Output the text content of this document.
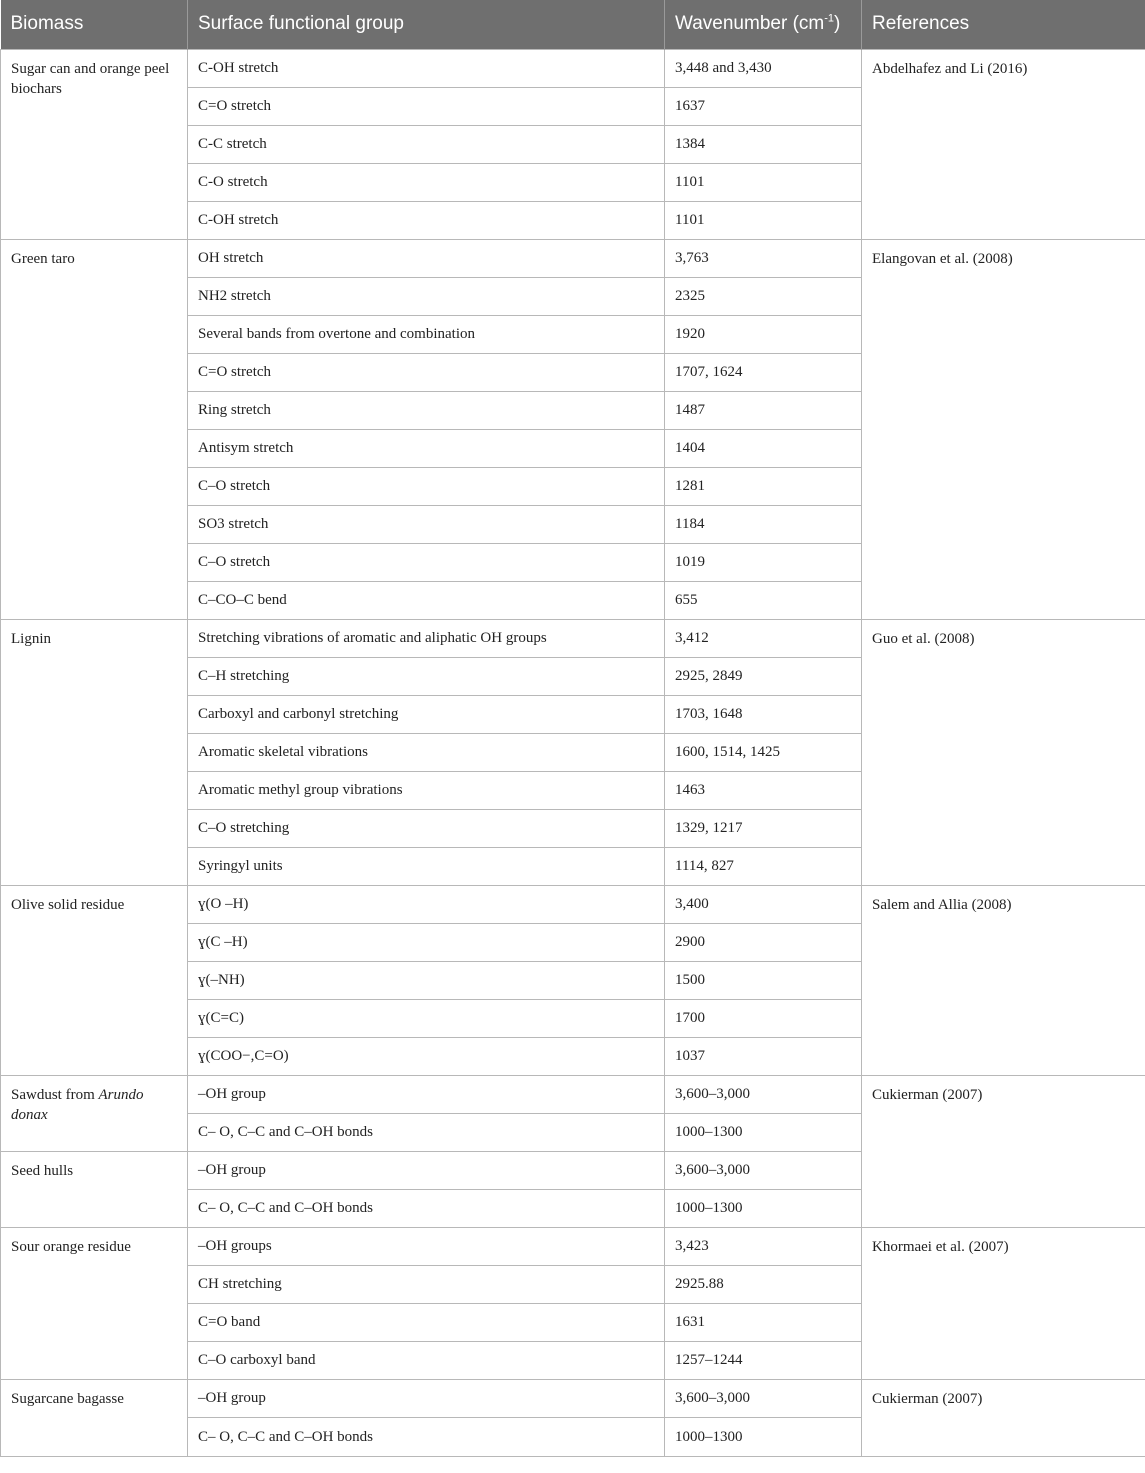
Biomass	Surface functional group	Wavenumber $(cm^{-1})$	References
Sugar can and orange peel biochars	C-OH stretch	3,448 and 3,430	Abdelhafez and Li (2016)
	C=O stretch	1637	
	C-C stretch	1384	
	C-O stretch	1101	
	C-OH stretch	1101	
Green taro	OH stretch	3,763	Elangovan et al. (2008)
	NH2 stretch	2325	
	Several bands from overtone and combination	1920	
	C=O stretch	1707, 1624	
	Ring stretch	1487	
	Antisym stretch	1404	
	C–O stretch	1281	
	SO3 stretch	1184	
	C–O stretch	1019	
	C–CO–C bend	655	
Lignin	Stretching vibrations of aromatic and aliphatic OH groups	3,412	Guo et al. (2008)
	C–H stretching	2925, 2849	
	Carboxyl and carbonyl stretching	1703, 1648	
	Aromatic skeletal vibrations	1600, 1514, 1425	
	Aromatic methyl group vibrations	1463	
	C–O stretching	1329, 1217	
	Syringyl units	1114, 827	
Olive solid residue	ɣ(O –H)	3,400	Salem and Allia (2008)
	ɣ(C –H)	2900	
	ɣ(–NH)	1500	
	ɣ(C=C)	1700	
	ɣ(COO−,C=O)	1037	
Sawdust from Arundo donax	–OH group	3,600–3,000	Cukierman (2007)
	C– O, C–C and C–OH bonds	1000–1300	
Seed hulls	–OH group	3,600–3,000	
	C– O, C–C and C–OH bonds	1000–1300	
Sour orange residue	–OH groups	3,423	Khormaei et al. (2007)
	CH stretching	2925.88	
	C=O band	1631	
	C–O carboxyl band	1257–1244	
Sugarcane bagasse	–OH group	3,600–3,000	Cukierman (2007)
	C– O, C–C and C–OH bonds	1000–1300	
